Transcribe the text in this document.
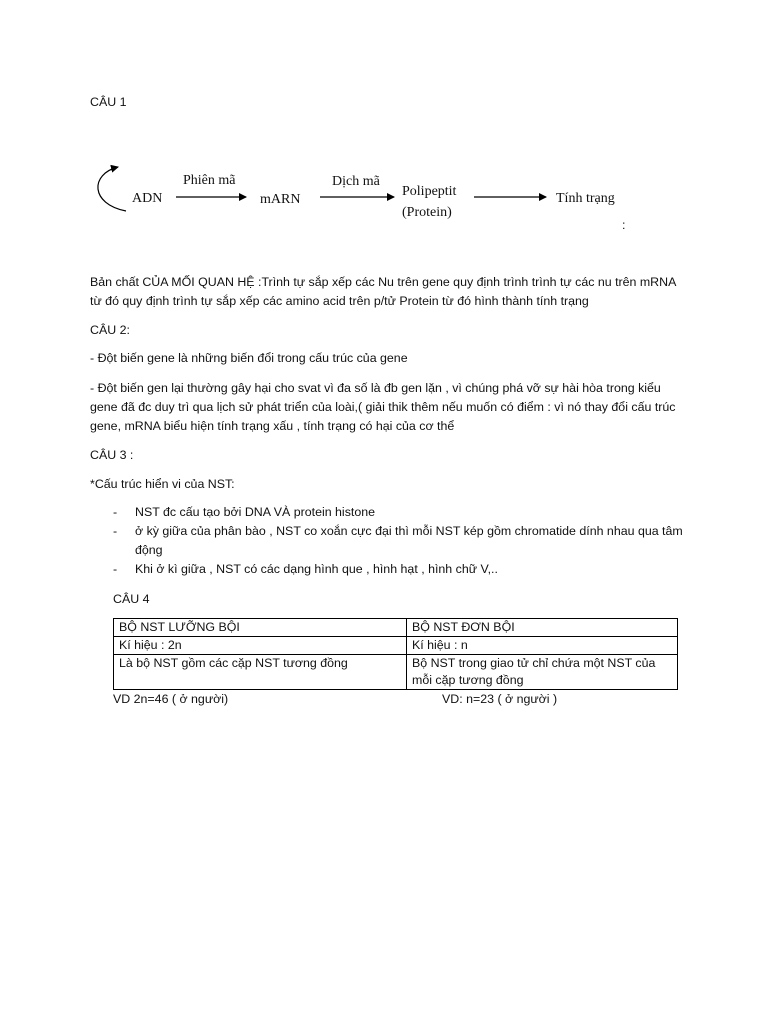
CÂU 1
ADN
Phiên mã
mARN
Dịch mã
Polipeptit
(Protein)
Tính trạng
:

Bản chất CỦA MỐI QUAN HỆ :Trình tự sắp xếp các Nu trên gene quy định trình trình tự các nu trên mRNA từ đó quy định trình tự sắp xếp các amino acid trên p/tử Protein từ đó hình thành tính trạng

CÂU 2:

- Đột biến gene là những biến đổi trong cấu trúc của gene

- Đột biến gen lại thường gây hại cho svat vì đa số là đb gen lặn , vì chúng phá vỡ sự hài hòa trong kiểu gene đã đc duy trì qua lịch sử phát triển của loài,( giải thik thêm nếu muốn có điểm : vì nó thay đổi cấu trúc gene, mRNA biểu hiện tính trạng xấu , tính trạng có hại của cơ thể

CÂU 3 :
*Cấu trúc hiển vi của NST:
- NST đc cấu tạo bởi DNA VÀ protein histone
- ở kỳ giữa của phân bào , NST co xoắn cực đại thì mỗi NST kép gồm chromatide dính nhau qua tâm động
- Khi ở kì giữa , NST có các dạng hình que , hình hạt , hình chữ V,..
CÂU 4
BỘ NST LƯỠNG BỘI	BỘ NST ĐƠN BỘI
Kí hiệu : 2n	Kí hiệu : n
Là bộ NST gồm các cặp NST tương đồng	Bộ NST trong giao tử chỉ chứa một NST của mỗi cặp tương đồng
VD 2n=46 ( ở người)	VD: n=23 ( ở người )
